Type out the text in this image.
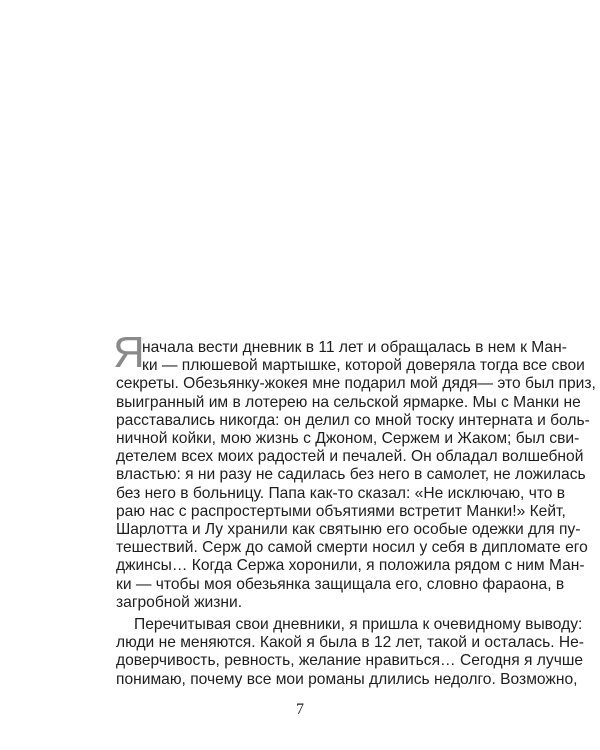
Я
начала вести дневник в 11 лет и обращалась в нем к Ман-
ки — плюшевой мартышке, которой доверяла тогда все свои
секреты. Обезьянку-жокея мне подарил мой дядя— это был приз,
выигранный им в лотерею на сельской ярмарке. Мы с Манки не
расставались никогда: он делил со мной тоску интерната и боль-
ничной койки, мою жизнь с Джоном, Сержем и Жаком; был сви-
детелем всех моих радостей и печалей. Он обладал волшебной
властью: я ни разу не садилась без него в самолет, не ложилась
без него в больницу. Папа как-то сказал: «Не исключаю, что в
раю нас с распростертыми объятиями встретит Манки!» Кейт,
Шарлотта и Лу хранили как святыню его особые одежки для пу-
тешествий. Серж до самой смерти носил у себя в дипломате его
джинсы… Когда Сержа хоронили, я положила рядом с ним Ман-
ки — чтобы моя обезьянка защищала его, словно фараона, в
загробной жизни.
Перечитывая свои дневники, я пришла к очевидному выводу:
люди не меняются. Какой я была в 12 лет, такой и осталась. Не-
доверчивость, ревность, желание нравиться… Сегодня я лучше
понимаю, почему все мои романы длились недолго. Возможно,
7
